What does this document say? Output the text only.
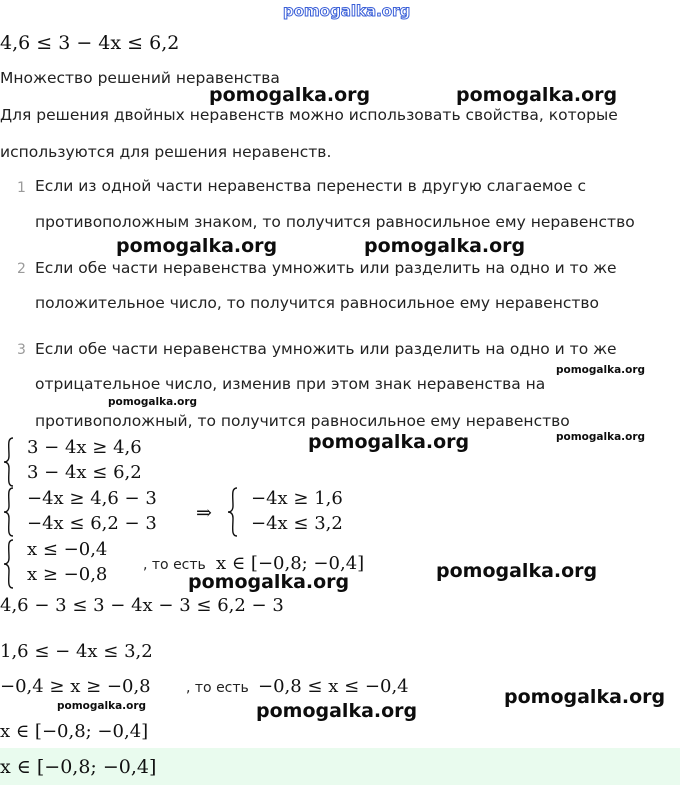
pomogalka.org
4,6 ≤ 3 − 4x ≤ 6,2
Множество решений неравенства
Для решения двойных неравенств можно использовать свойства, которые
используются для решения неравенств.
1 Если из одной части неравенства перенести в другую слагаемое с
противоположным знаком, то получится равносильное ему неравенство
2 Если обе части неравенства умножить или разделить на одно и то же
положительное число, то получится равносильное ему неравенство
3 Если обе части неравенства умножить или разделить на одно и то же
отрицательное число, изменив при этом знак неравенства на
противоположный, то получится равносильное ему неравенство
3 − 4x ≥ 4,6
3 − 4x ≤ 6,2
−4x ≥ 4,6 − 3
−4x ≤ 6,2 − 3 ⇒
−4x ≥ 1,6
−4x ≤ 3,2
x ≤ −0,4
x ≥ −0,8	, то есть x ∈ [−0,8; −0,4]
4,6 − 3 ≤ 3 − 4x − 3 ≤ 6,2 − 3
1,6 ≤ − 4x ≤ 3,2
−0,4 ≥ x ≥ −0,8	, то есть −0,8 ≤ x ≤ −0,4
x ∈ [−0,8; −0,4]
x ∈ [−0,8; −0,4]
pomogalka.org	pomogalka.org
pomogalka.org	pomogalka.org
pomogalka.org
pomogalka.org
pomogalka.org	pomogalka.org
pomogalka.org
pomogalka.org
pomogalka.org
pomogalka.org	pomogalka.org
